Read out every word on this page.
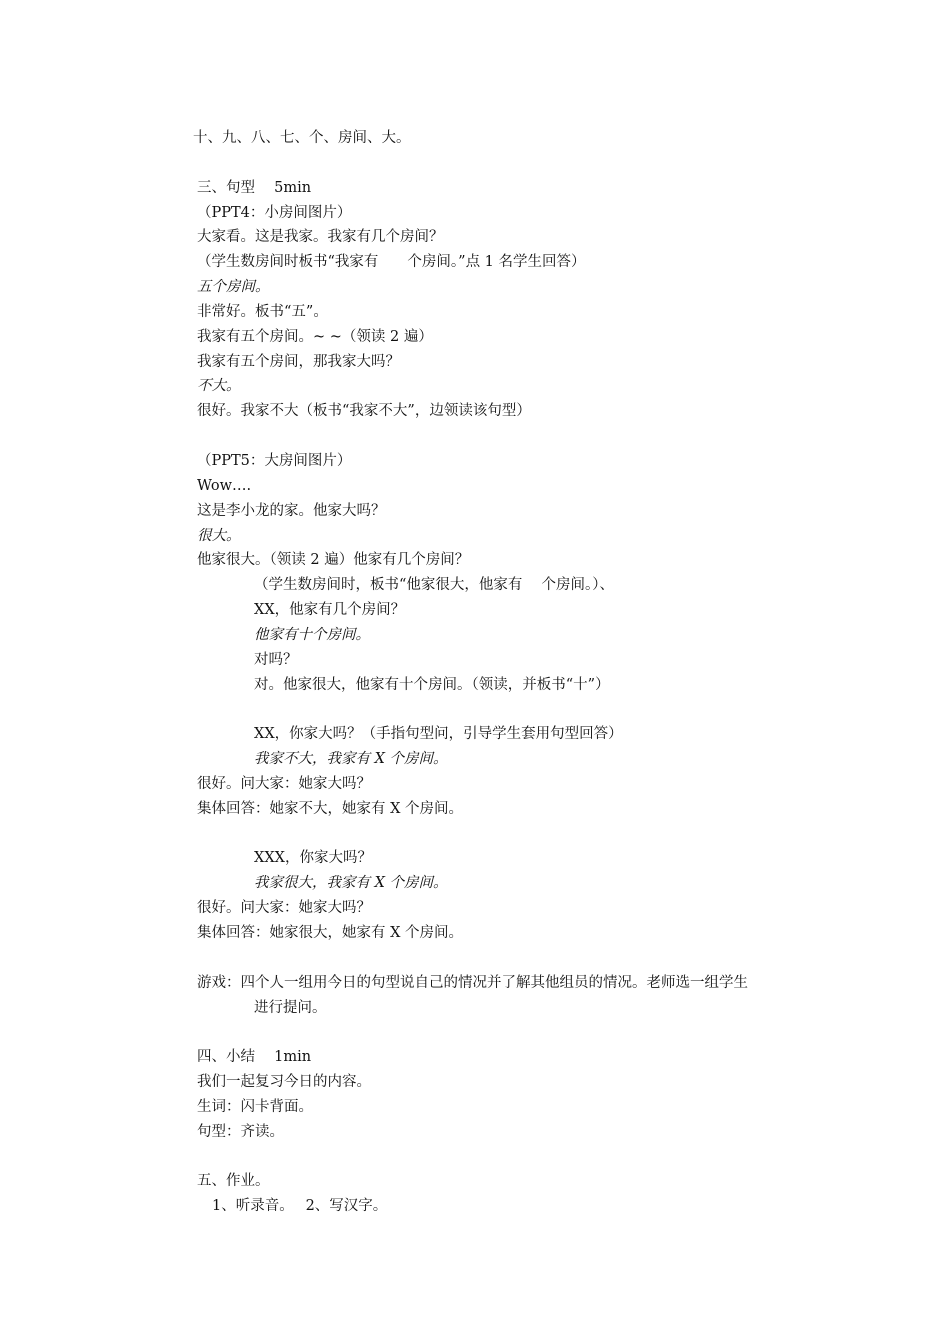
十、九、八、七、个、房间、大。
三、句型　 5min
（PPT4：小房间图片）
大家看。这是我家。我家有几个房间？
（学生数房间时板书“我家有　　个房间。”点 1 名学生回答）
五个房间。
非常好。板书“五”。
我家有五个房间。~ ~（领读 2 遍）
我家有五个房间，那我家大吗？
不大。
很好。我家不大（板书“我家不大”，边领读该句型）
（PPT5：大房间图片）
Wow….
这是李小龙的家。他家大吗？
很大。
他家很大。（领读 2 遍）他家有几个房间？
（学生数房间时，板书“他家很大，他家有　 个房间。）、
XX，他家有几个房间？
他家有十个房间。
对吗？
对。他家很大，他家有十个房间。（领读，并板书“十”）
XX，你家大吗？（手指句型问，引导学生套用句型回答）
我家不大，我家有 X 个房间。
很好。问大家：她家大吗？
集体回答：她家不大，她家有 X 个房间。
XXX，你家大吗？
我家很大，我家有 X 个房间。
很好。问大家：她家大吗？
集体回答：她家很大，她家有 X 个房间。
游戏：四个人一组用今日的句型说自己的情况并了解其他组员的情况。老师选一组学生
进行提问。
四、小结　 1min
我们一起复习今日的内容。
生词：闪卡背面。
句型：齐读。
五、作业。
1、听录音。　 2、写汉字。
